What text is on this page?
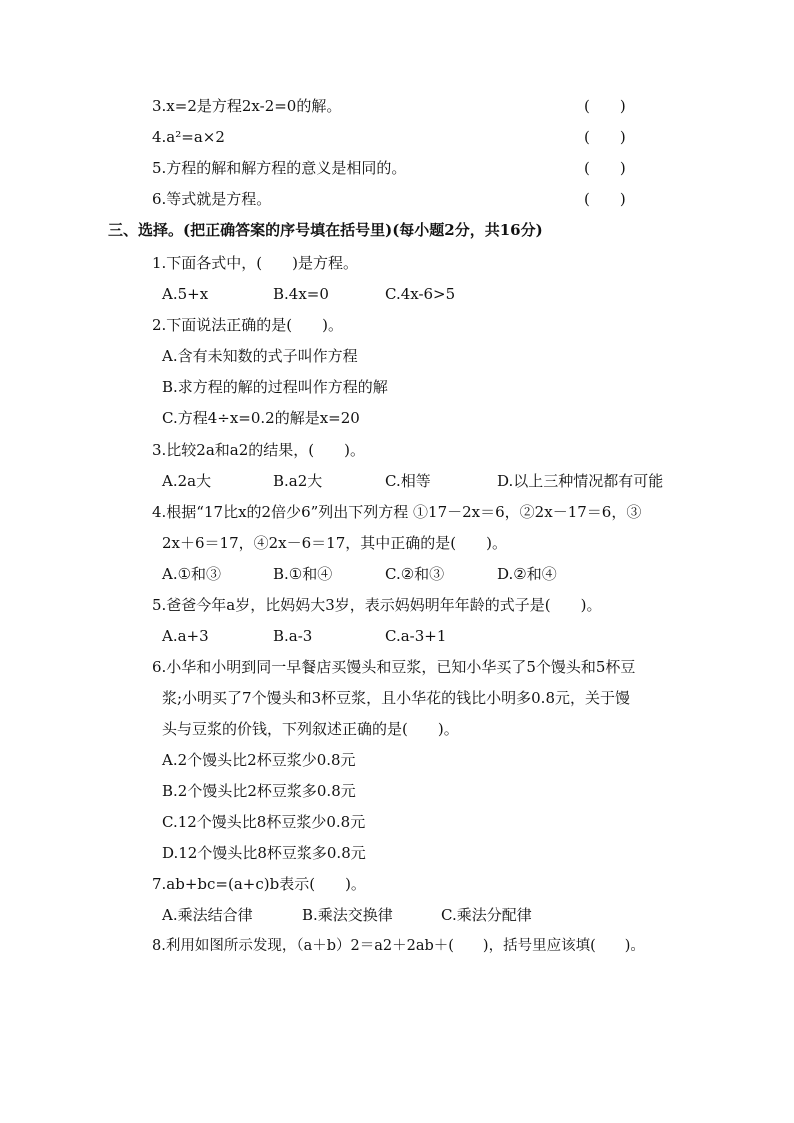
3.x=2是方程2x-2=0的解。	(　　)
4.a²=a×2	(　　)
5.方程的解和解方程的意义是相同的。	(　　)
6.等式就是方程。	(　　)
三、选择。(把正确答案的序号填在括号里)(每小题2分，共16分)
1.下面各式中，(　　)是方程。
A.5+x	B.4x=0	C.4x-6>5
2.下面说法正确的是(　　)。
A.含有未知数的式子叫作方程
B.求方程的解的过程叫作方程的解
C.方程4÷x=0.2的解是x=20
3.比较2a和a2的结果，(　　)。
A.2a大	B.a2大	C.相等	D.以上三种情况都有可能
4.根据“17比x的2倍少6”列出下列方程 ①17－2x＝6，②2x－17＝6，③
2x＋6＝17，④2x－6＝17，其中正确的是(　　)。
A.①和③	B.①和④	C.②和③	D.②和④
5.爸爸今年a岁，比妈妈大3岁，表示妈妈明年年龄的式子是(　　)。
A.a+3	B.a-3	C.a-3+1
6.小华和小明到同一早餐店买馒头和豆浆，已知小华买了5个馒头和5杯豆
浆;小明买了7个馒头和3杯豆浆，且小华花的钱比小明多0.8元，关于馒
头与豆浆的价钱，下列叙述正确的是(　　)。
A.2个馒头比2杯豆浆少0.8元
B.2个馒头比2杯豆浆多0.8元
C.12个馒头比8杯豆浆少0.8元
D.12个馒头比8杯豆浆多0.8元
7.ab+bc=(a+c)b表示(　　)。
A.乘法结合律	B.乘法交换律	C.乘法分配律
8.利用如图所示发现，（a＋b）2＝a2＋2ab＋(　　)，括号里应该填(　　)。
